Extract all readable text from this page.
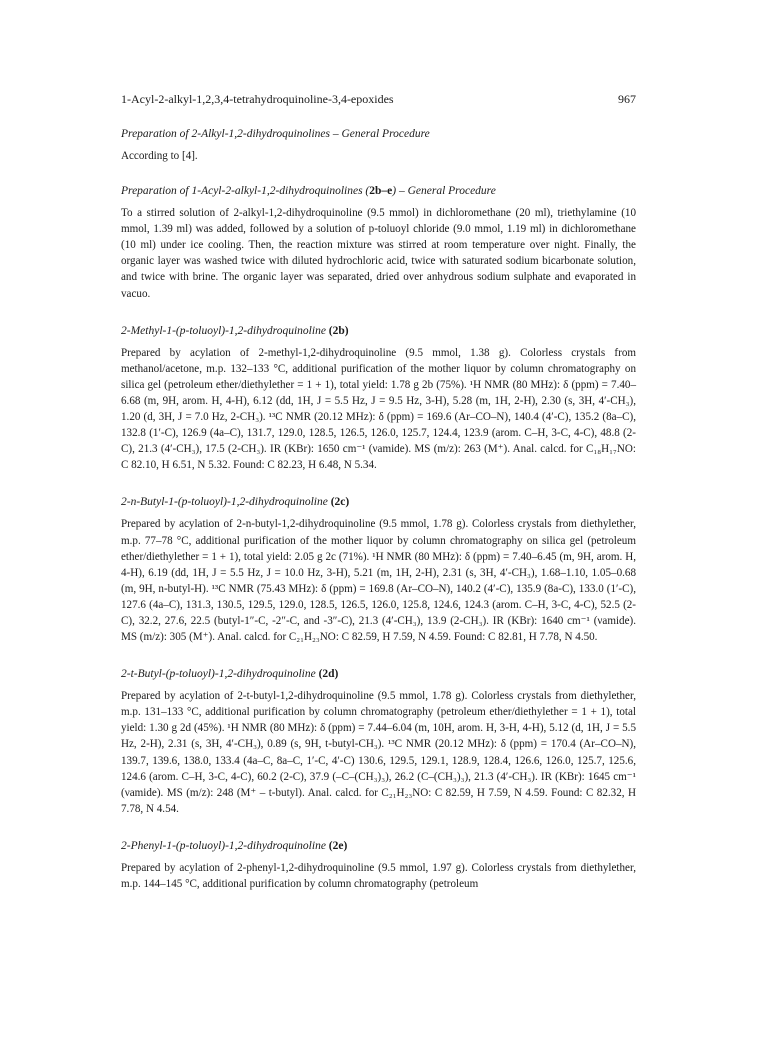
1-Acyl-2-alkyl-1,2,3,4-tetrahydroquinoline-3,4-epoxides	967

Preparation of 2-Alkyl-1,2-dihydroquinolines – General Procedure

According to [4].

Preparation of 1-Acyl-2-alkyl-1,2-dihydroquinolines (2b–e) – General Procedure

To a stirred solution of 2-alkyl-1,2-dihydroquinoline (9.5 mmol) in dichloromethane (20 ml), triethylamine (10 mmol, 1.39 ml) was added, followed by a solution of p-toluoyl chloride (9.0 mmol, 1.19 ml) in dichloromethane (10 ml) under ice cooling. Then, the reaction mixture was stirred at room temperature over night. Finally, the organic layer was washed twice with diluted hydrochloric acid, twice with saturated sodium bicarbonate solution, and twice with brine. The organic layer was separated, dried over anhydrous sodium sulphate and evaporated in vacuo.

2-Methyl-1-(p-toluoyl)-1,2-dihydroquinoline (2b)

Prepared by acylation of 2-methyl-1,2-dihydroquinoline (9.5 mmol, 1.38 g). Colorless crystals from methanol/acetone, m.p. 132–133 °C, additional purification of the mother liquor by column chromatography on silica gel (petroleum ether/diethylether = 1 + 1), total yield: 1.78 g 2b (75%). ¹H NMR (80 MHz): δ (ppm) = 7.40–6.68 (m, 9H, arom. H, 4-H), 6.12 (dd, 1H, J = 5.5 Hz, J = 9.5 Hz, 3-H), 5.28 (m, 1H, 2-H), 2.30 (s, 3H, 4′-CH₃), 1.20 (d, 3H, J = 7.0 Hz, 2-CH₃). ¹³C NMR (20.12 MHz): δ (ppm) = 169.6 (Ar–CO–N), 140.4 (4′-C), 135.2 (8a–C), 132.8 (1′-C), 126.9 (4a–C), 131.7, 129.0, 128.5, 126.5, 126.0, 125.7, 124.4, 123.9 (arom. C–H, 3-C, 4-C), 48.8 (2-C), 21.3 (4′-CH₃), 17.5 (2-CH₃). IR (KBr): 1650 cm⁻¹ (νamide). MS (m/z): 263 (M⁺). Anal. calcd. for C₁₈H₁₇NO: C 82.10, H 6.51, N 5.32. Found: C 82.23, H 6.48, N 5.34.

2-n-Butyl-1-(p-toluoyl)-1,2-dihydroquinoline (2c)

Prepared by acylation of 2-n-butyl-1,2-dihydroquinoline (9.5 mmol, 1.78 g). Colorless crystals from diethylether, m.p. 77–78 °C, additional purification of the mother liquor by column chromatography on silica gel (petroleum ether/diethylether = 1 + 1), total yield: 2.05 g 2c (71%). ¹H NMR (80 MHz): δ (ppm) = 7.40–6.45 (m, 9H, arom. H, 4-H), 6.19 (dd, 1H, J = 5.5 Hz, J = 10.0 Hz, 3-H), 5.21 (m, 1H, 2-H), 2.31 (s, 3H, 4′-CH₃), 1.68–1.10, 1.05–0.68 (m, 9H, n-butyl-H). ¹³C NMR (75.43 MHz): δ (ppm) = 169.8 (Ar–CO–N), 140.2 (4′-C), 135.9 (8a-C), 133.0 (1′-C), 127.6 (4a–C), 131.3, 130.5, 129.5, 129.0, 128.5, 126.5, 126.0, 125.8, 124.6, 124.3 (arom. C–H, 3-C, 4-C), 52.5 (2-C), 32.2, 27.6, 22.5 (butyl-1″-C, -2″-C, and -3″-C), 21.3 (4′-CH₃), 13.9 (2-CH₃). IR (KBr): 1640 cm⁻¹ (νamide). MS (m/z): 305 (M⁺). Anal. calcd. for C₂₁H₂₃NO: C 82.59, H 7.59, N 4.59. Found: C 82.81, H 7.78, N 4.50.

2-t-Butyl-(p-toluoyl)-1,2-dihydroquinoline (2d)

Prepared by acylation of 2-t-butyl-1,2-dihydroquinoline (9.5 mmol, 1.78 g). Colorless crystals from diethylether, m.p. 131–133 °C, additional purification by column chromatography (petroleum ether/diethylether = 1 + 1), total yield: 1.30 g 2d (45%). ¹H NMR (80 MHz): δ (ppm) = 7.44–6.04 (m, 10H, arom. H, 3-H, 4-H), 5.12 (d, 1H, J = 5.5 Hz, 2-H), 2.31 (s, 3H, 4′-CH₃), 0.89 (s, 9H, t-butyl-CH₃). ¹³C NMR (20.12 MHz): δ (ppm) = 170.4 (Ar–CO–N), 139.7, 139.6, 138.0, 133.4 (4a–C, 8a–C, 1′-C, 4′-C) 130.6, 129.5, 129.1, 128.9, 128.4, 126.6, 126.0, 125.7, 125.6, 124.6 (arom. C–H, 3-C, 4-C), 60.2 (2-C), 37.9 (–C–(CH₃)₃), 26.2 (C–(CH₃)₃), 21.3 (4′-CH₃). IR (KBr): 1645 cm⁻¹ (νamide). MS (m/z): 248 (M⁺ – t-butyl). Anal. calcd. for C₂₁H₂₃NO: C 82.59, H 7.59, N 4.59. Found: C 82.32, H 7.78, N 4.54.

2-Phenyl-1-(p-toluoyl)-1,2-dihydroquinoline (2e)

Prepared by acylation of 2-phenyl-1,2-dihydroquinoline (9.5 mmol, 1.97 g). Colorless crystals from diethylether, m.p. 144–145 °C, additional purification by column chromatography (petroleum
